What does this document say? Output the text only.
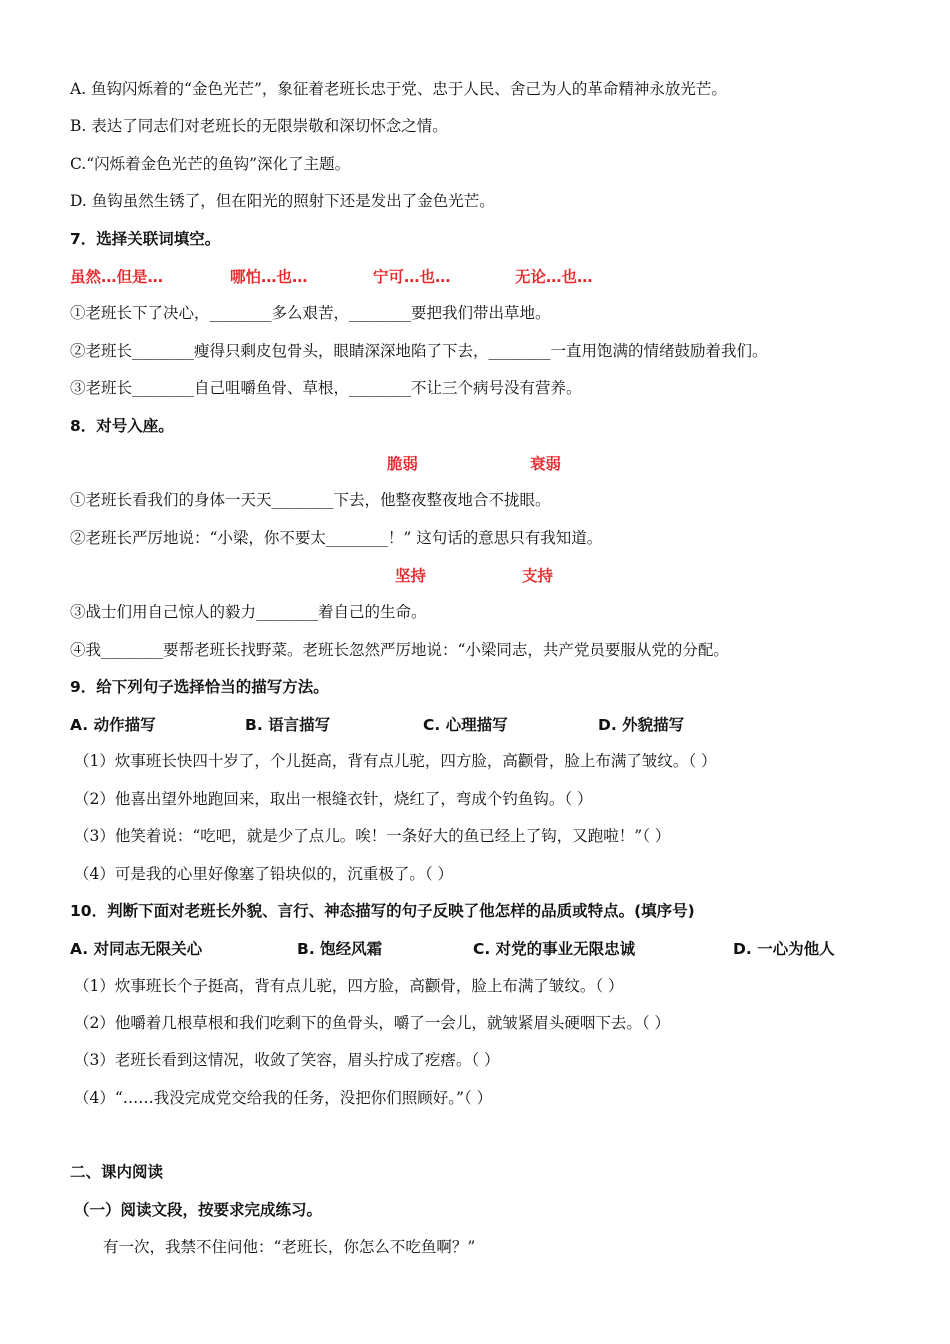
A. 鱼钩闪烁着的“金色光芒”，象征着老班长忠于党、忠于人民、舍己为人的革命精神永放光芒。
B. 表达了同志们对老班长的无限崇敬和深切怀念之情。
C.“闪烁着金色光芒的鱼钩”深化了主题。
D. 鱼钩虽然生锈了，但在阳光的照射下还是发出了金色光芒。
7．选择关联词填空。
虽然…但是…	哪怕…也…	宁可…也…	无论…也…
①老班长下了决心，________多么艰苦，________要把我们带出草地。
②老班长________瘦得只剩皮包骨头，眼睛深深地陷了下去，________一直用饱满的情绪鼓励着我们。
③老班长________自己咀嚼鱼骨、草根，________不让三个病号没有营养。
8．对号入座。
脆弱	衰弱
①老班长看我们的身体一天天________下去，他整夜整夜地合不拢眼。
②老班长严厉地说：“小梁，你不要太________！” 这句话的意思只有我知道。
坚持	支持
③战士们用自己惊人的毅力________着自己的生命。
④我________要帮老班长找野菜。老班长忽然严厉地说：“小梁同志，共产党员要服从党的分配。
9．给下列句子选择恰当的描写方法。
A. 动作描写	B. 语言描写	C. 心理描写	D. 外貌描写
（1）炊事班长快四十岁了，个儿挺高，背有点儿驼，四方脸，高颧骨，脸上布满了皱纹。（ ）
（2）他喜出望外地跑回来，取出一根缝衣针，烧红了，弯成个钓鱼钩。（ ）
（3）他笑着说：“吃吧，就是少了点儿。唉！一条好大的鱼已经上了钩，又跑啦！”（ ）
（4）可是我的心里好像塞了铅块似的，沉重极了。（ ）
10．判断下面对老班长外貌、言行、神态描写的句子反映了他怎样的品质或特点。(填序号)
A. 对同志无限关心	B. 饱经风霜	C. 对党的事业无限忠诚	D. 一心为他人
（1）炊事班长个子挺高，背有点儿驼，四方脸，高颧骨，脸上布满了皱纹。（ ）
（2）他嚼着几根草根和我们吃剩下的鱼骨头，嚼了一会儿，就皱紧眉头硬咽下去。（ ）
（3）老班长看到这情况，收敛了笑容，眉头拧成了疙瘩。（ ）
（4）“……我没完成党交给我的任务，没把你们照顾好。”（ ）
二、课内阅读
（一）阅读文段，按要求完成练习。
有一次，我禁不住问他：“老班长，你怎么不吃鱼啊？”
